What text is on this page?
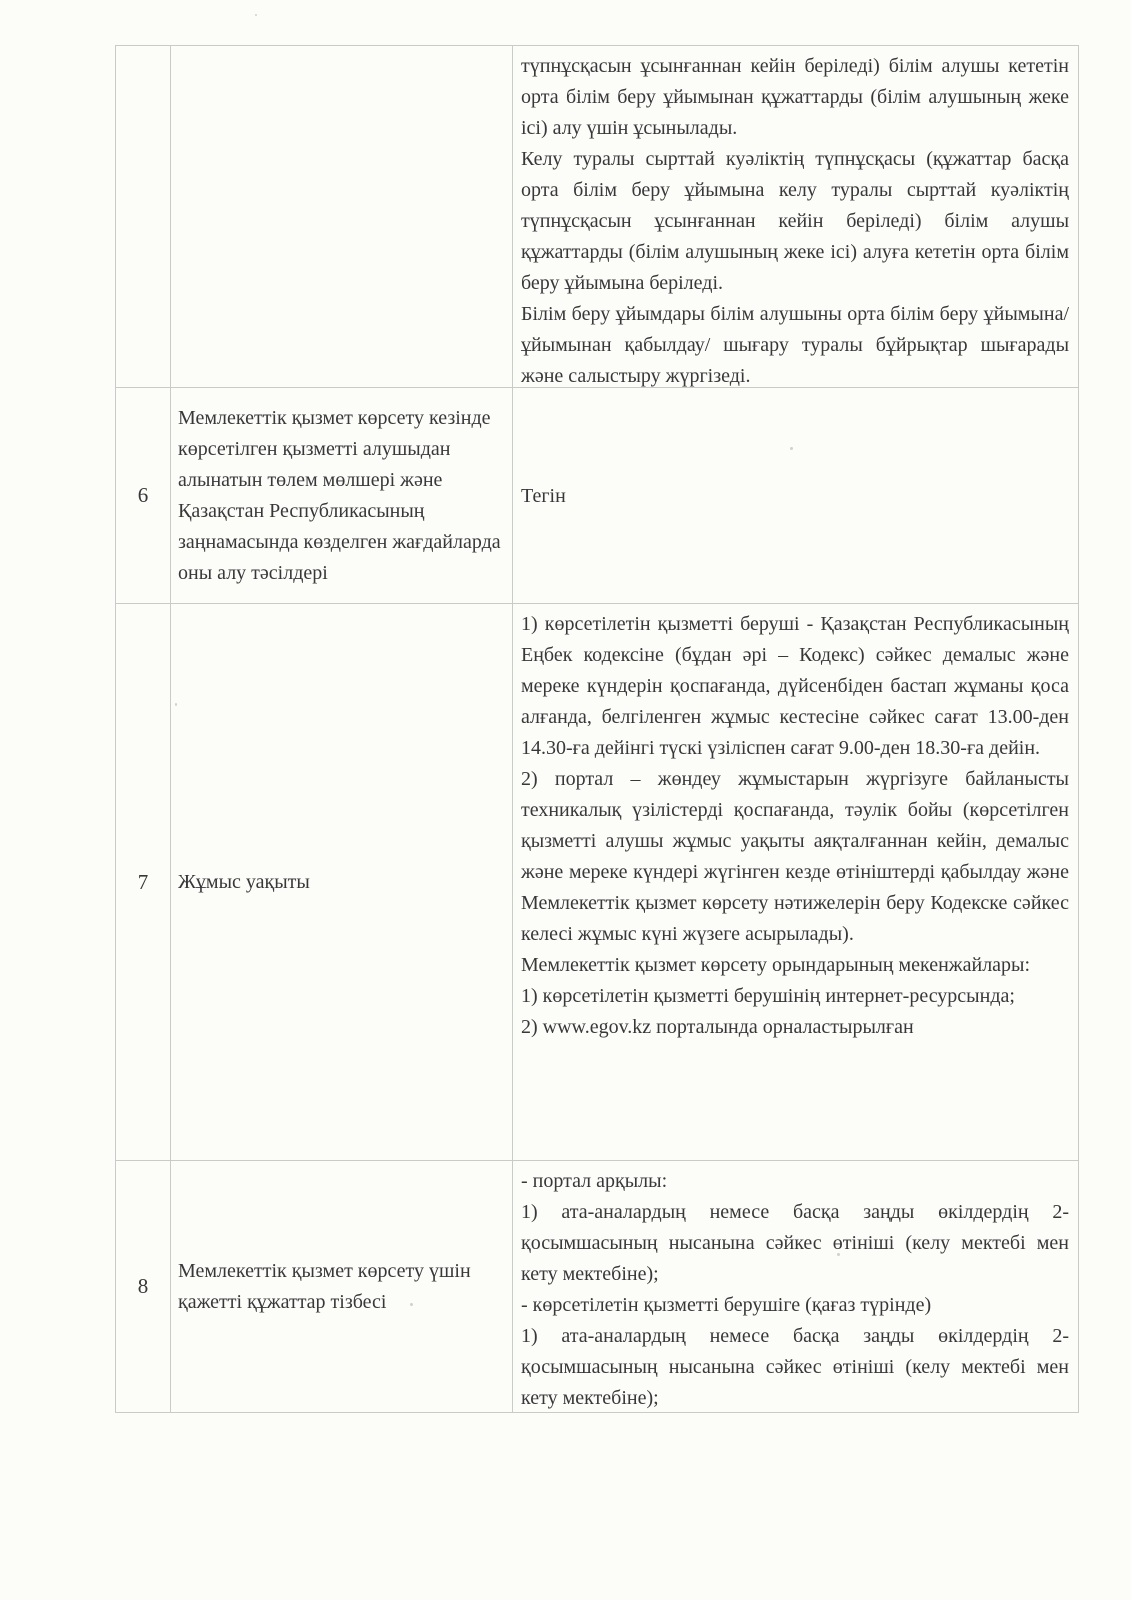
түпнұсқасын ұсынғаннан кейін беріледі) білім алушы кететін орта білім беру ұйымынан құжаттарды (білім алушының жеке ісі) алу үшін ұсынылады.

Келу туралы сырттай куәліктің түпнұсқасы (құжаттар басқа орта білім беру ұйымына келу туралы сырттай куәліктің түпнұсқасын ұсынғаннан кейін беріледі) білім алушы құжаттарды (білім алушының жеке ісі) алуға кететін орта білім беру ұйымына беріледі.

Білім беру ұйымдары білім алушыны орта білім беру ұйымына/ұйымынан қабылдау/ шығару туралы бұйрықтар шығарады және салыстыру жүргізеді.

6
Мемлекеттік қызмет көрсету кезінде көрсетілген қызметті алушыдан алынатын төлем мөлшері және Қазақстан Республикасының заңнамасында көзделген жағдайларда оны алу тәсілдері

Тегін

7	Жұмыс уақыты

1) көрсетілетін қызметті беруші - Қазақстан Республикасының Еңбек кодексіне (бұдан әрі – Кодекс) сәйкес демалыс және мереке күндерін қоспағанда, дүйсенбіден бастап жұманы қоса алғанда, белгіленген жұмыс кестесіне сәйкес сағат 13.00-ден 14.30-ға дейінгі түскі үзіліспен сағат 9.00-ден 18.30-ға дейін.

2) портал – жөндеу жұмыстарын жүргізуге байланысты техникалық үзілістерді қоспағанда, тәулік бойы (көрсетілген қызметті алушы жұмыс уақыты аяқталғаннан кейін, демалыс және мереке күндері жүгінген кезде өтініштерді қабылдау және Мемлекеттік қызмет көрсету нәтижелерін беру Кодекске сәйкес келесі жұмыс күні жүзеге асырылады).

Мемлекеттік қызмет көрсету орындарының мекенжайлары:

1) көрсетілетін қызметті берушінің интернет-ресурсында;

2) www.egov.kz порталында орналастырылған

8
Мемлекеттік қызмет көрсету үшін қажетті құжаттар тізбесі

- портал арқылы:

1) ата-аналардың немесе басқа заңды өкілдердің 2-қосымшасының нысанына сәйкес өтініші (келу мектебі мен кету мектебіне);

- көрсетілетін қызметті берушіге (қағаз түрінде)

1) ата-аналардың немесе басқа заңды өкілдердің 2-қосымшасының нысанына сәйкес өтініші (келу мектебі мен кету мектебіне);
